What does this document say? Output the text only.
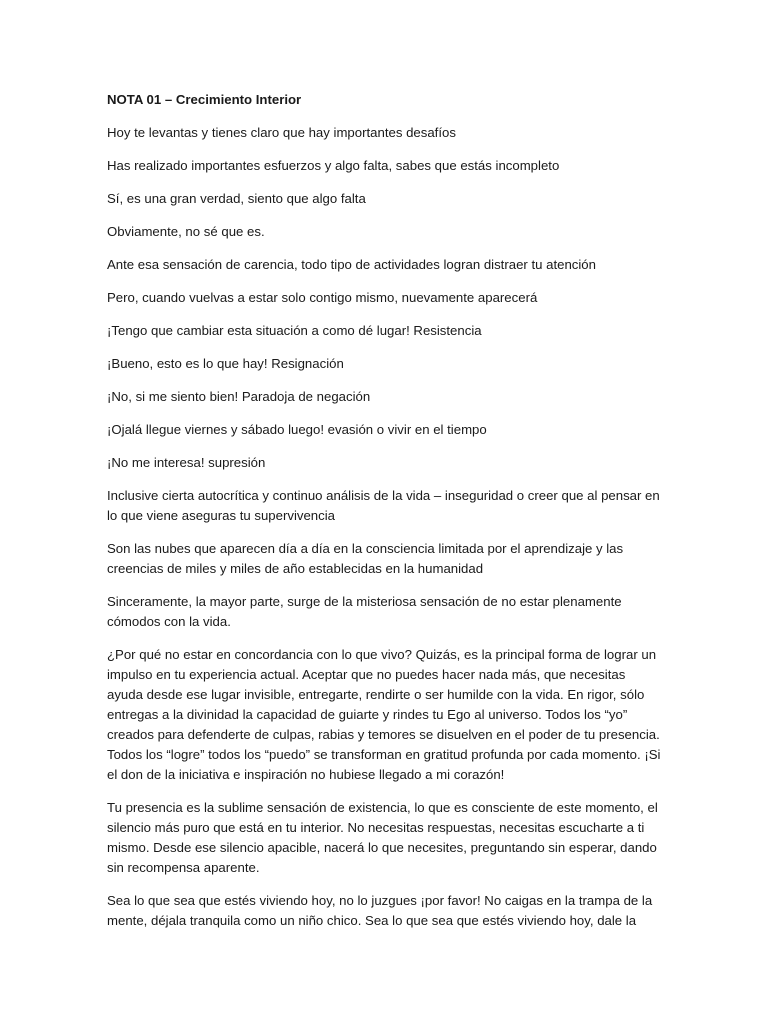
NOTA 01 – Crecimiento Interior

Hoy te levantas y tienes claro que hay importantes desafíos

Has realizado importantes esfuerzos y algo falta, sabes que estás incompleto

Sí, es una gran verdad, siento que algo falta

Obviamente, no sé que es.

Ante esa sensación de carencia, todo tipo de actividades logran distraer tu atención

Pero, cuando vuelvas a estar solo contigo mismo, nuevamente aparecerá

¡Tengo que cambiar esta situación a como dé lugar! Resistencia

¡Bueno, esto es lo que hay! Resignación

¡No, si me siento bien! Paradoja de negación

¡Ojalá llegue viernes y sábado luego! evasión o vivir en el tiempo

¡No me interesa! supresión

Inclusive cierta autocrítica y continuo análisis de la vida – inseguridad o creer que al pensar en lo que viene aseguras tu supervivencia

Son las nubes que aparecen día a día en la consciencia limitada por el aprendizaje y las creencias de miles y miles de año establecidas en la humanidad

Sinceramente, la mayor parte, surge de la misteriosa sensación de no estar plenamente cómodos con la vida.

¿Por qué no estar en concordancia con lo que vivo? Quizás, es la principal forma de lograr un impulso en tu experiencia actual. Aceptar que no puedes hacer nada más, que necesitas ayuda desde ese lugar invisible, entregarte, rendirte o ser humilde con la vida. En rigor, sólo entregas a la divinidad la capacidad de guiarte y rindes tu Ego al universo. Todos los “yo” creados para defenderte de culpas, rabias y temores se disuelven en el poder de tu presencia. Todos los “logre” todos los “puedo” se transforman en gratitud profunda por cada momento. ¡Si el don de la iniciativa e inspiración no hubiese llegado a mi corazón!

Tu presencia es la sublime sensación de existencia, lo que es consciente de este momento, el silencio más puro que está en tu interior. No necesitas respuestas, necesitas escucharte a ti mismo. Desde ese silencio apacible, nacerá lo que necesites, preguntando sin esperar, dando sin recompensa aparente.

Sea lo que sea que estés viviendo hoy, no lo juzgues ¡por favor! No caigas en la trampa de la mente, déjala tranquila como un niño chico. Sea lo que sea que estés viviendo hoy, dale la
